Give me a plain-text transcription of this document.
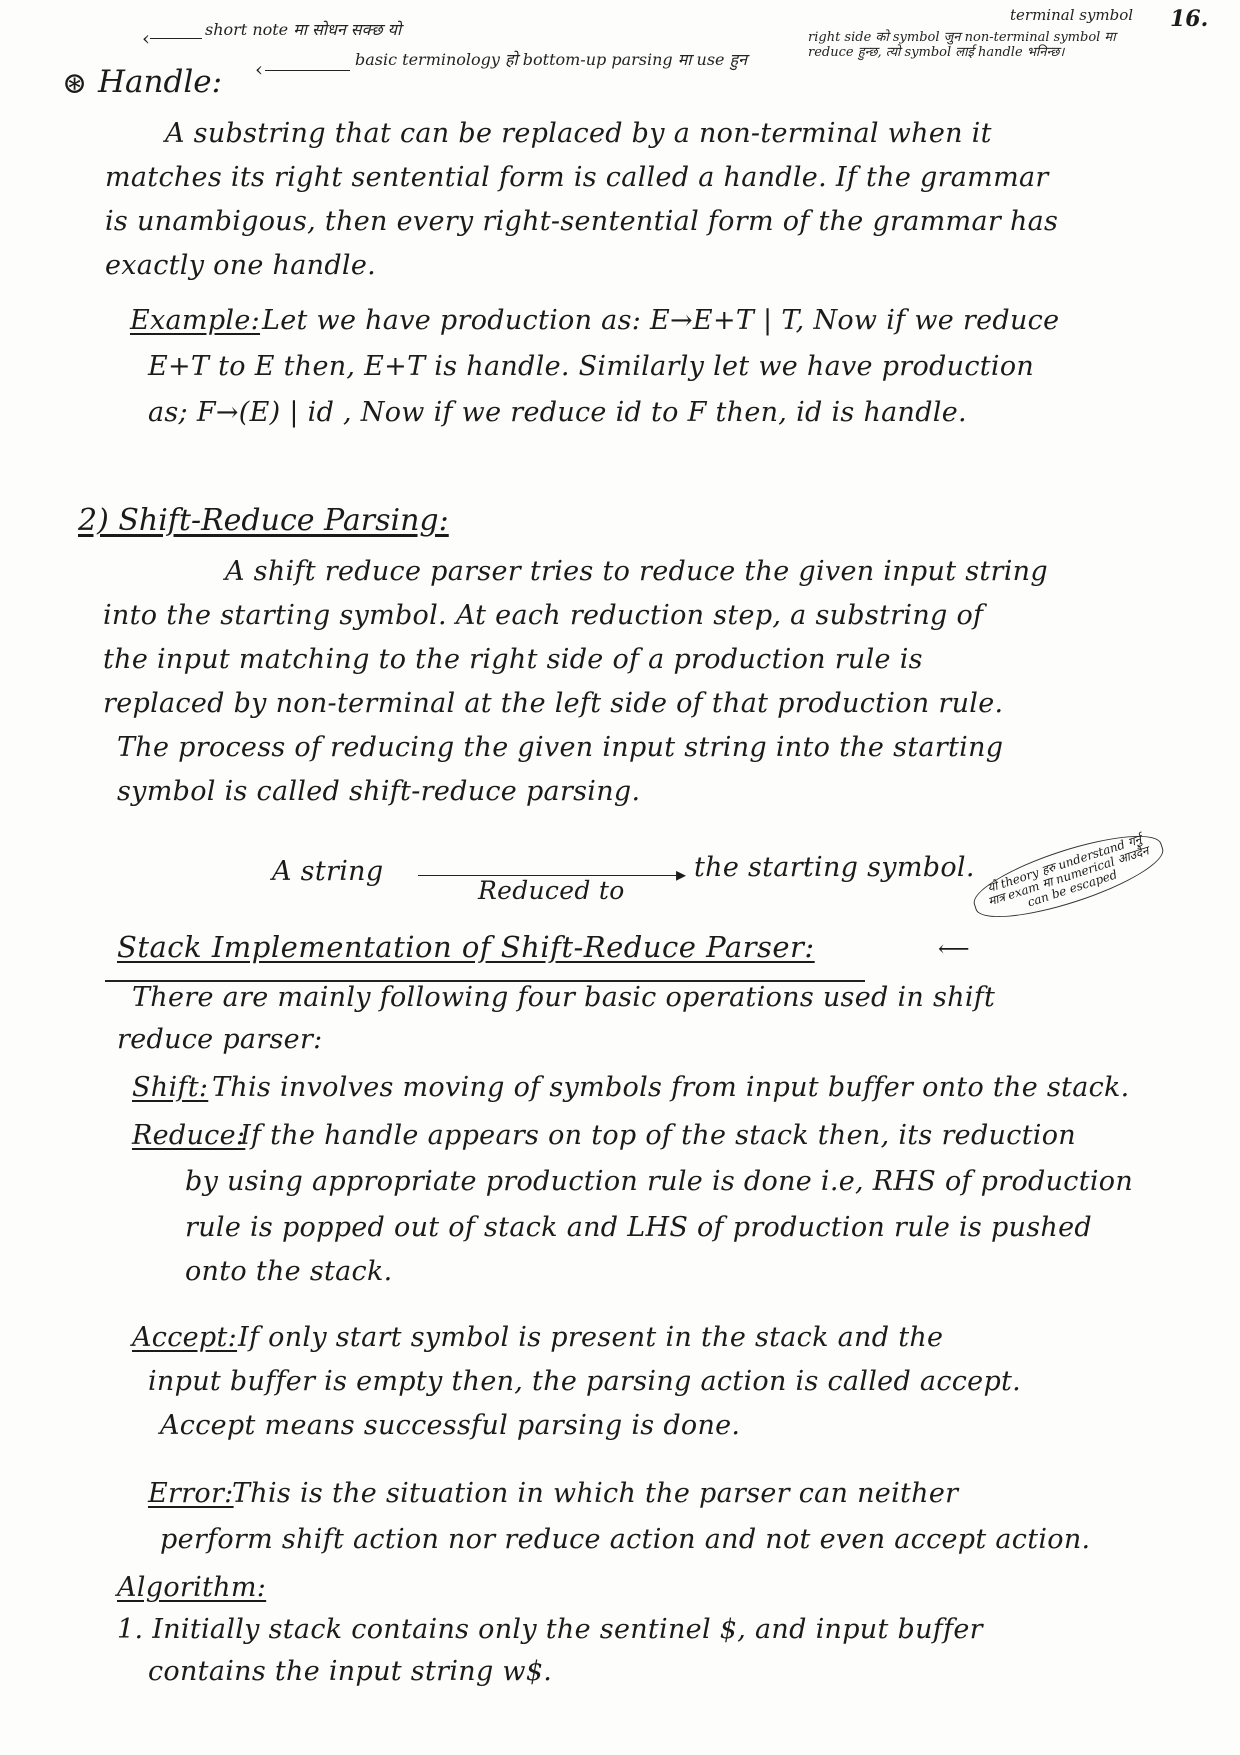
16.
short note मा सोधन सक्छ यो
‹
basic terminology हो bottom-up parsing मा use हुन
‹
terminal symbol
right side को symbol जुन non-terminal symbol मा reduce हुन्छ, त्यो symbol लाई handle भनिन्छ।
⊛ Handle:
A substring that can be replaced by a non-terminal when it
matches its right sentential form is called a handle. If the grammar
is unambigous, then every right-sentential form of the grammar has
exactly one handle.
Example: Let we have production as: E→E+T | T, Now if we reduce
E+T to E then, E+T is handle. Similarly let we have production
as; F→(E) | id , Now if we reduce id to F then, id is handle.
2) Shift-Reduce Parsing:
A shift reduce parser tries to reduce the given input string
into the starting symbol. At each reduction step, a substring of
the input matching to the right side of a production rule is
replaced by non-terminal at the left side of that production rule.
The process of reducing the given input string into the starting
symbol is called shift-reduce parsing.
A string	▸
Reduced to
the starting symbol. यो theory हरु understand गर्नु मात्र exam मा numerical आउदैन can be escaped
⟵
Stack Implementation of Shift-Reduce Parser:
There are mainly following four basic operations used in shift
reduce parser:
Shift: This involves moving of symbols from input buffer onto the stack.
Reduce:
If the handle appears on top of the stack then, its reduction
by using appropriate production rule is done i.e, RHS of production
rule is popped out of stack and LHS of production rule is pushed
onto the stack.
Accept: If only start symbol is present in the stack and the
input buffer is empty then, the parsing action is called accept.
Accept means successful parsing is done.
Error:
This is the situation in which the parser can neither
perform shift action nor reduce action and not even accept action.
Algorithm:
1. Initially stack contains only the sentinel $, and input buffer
contains the input string w$.
